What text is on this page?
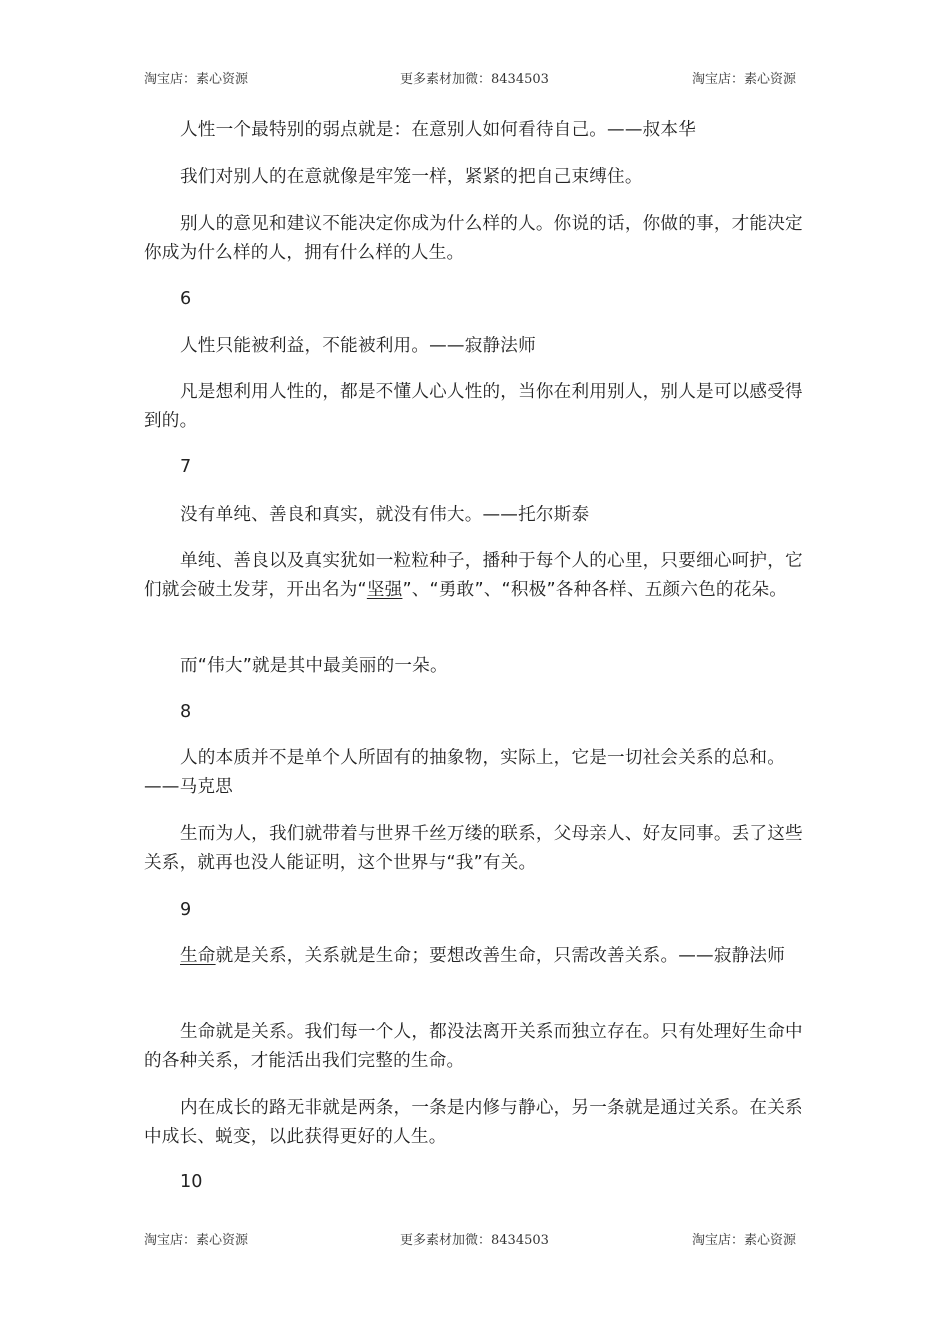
淘宝店：素心资源	更多素材加微：8434503	淘宝店：素心资源

人性一个最特别的弱点就是：在意别人如何看待自己。——叔本华

我们对别人的在意就像是牢笼一样，紧紧的把自己束缚住。

别人的意见和建议不能决定你成为什么样的人。你说的话，你做的事，才能决定你成为什么样的人，拥有什么样的人生。

6

人性只能被利益，不能被利用。——寂静法师

凡是想利用人性的，都是不懂人心人性的，当你在利用别人，别人是可以感受得到的。

7

没有单纯、善良和真实，就没有伟大。——托尔斯泰

单纯、善良以及真实犹如一粒粒种子，播种于每个人的心里，只要细心呵护，它们就会破土发芽，开出名为“坚强”、“勇敢”、“积极”各种各样、五颜六色的花朵。

而“伟大”就是其中最美丽的一朵。

8

人的本质并不是单个人所固有的抽象物，实际上，它是一切社会关系的总和。——马克思

生而为人，我们就带着与世界千丝万缕的联系，父母亲人、好友同事。丢了这些关系，就再也没人能证明，这个世界与“我”有关。

9

生命就是关系，关系就是生命；要想改善生命，只需改善关系。——寂静法师

生命就是关系。我们每一个人，都没法离开关系而独立存在。只有处理好生命中的各种关系，才能活出我们完整的生命。

内在成长的路无非就是两条，一条是内修与静心，另一条就是通过关系。在关系中成长、蜕变，以此获得更好的人生。

10

淘宝店：素心资源	更多素材加微：8434503	淘宝店：素心资源
